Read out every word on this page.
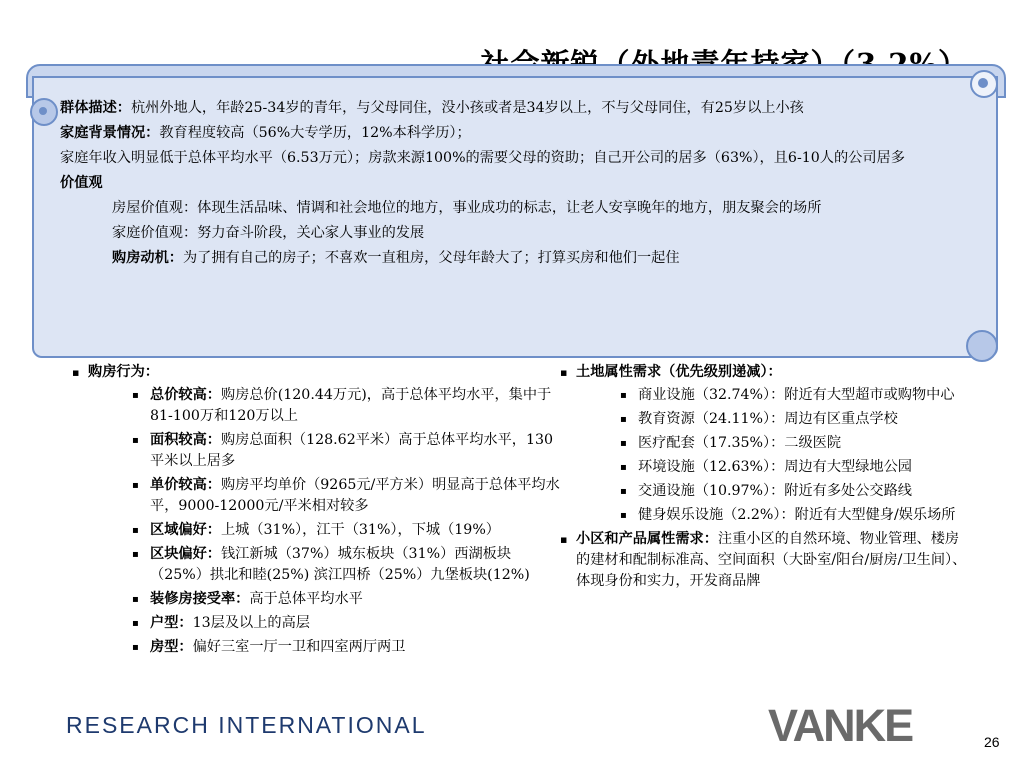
群体描述：杭州外地人，年龄25-34岁的青年，与父母同住，没小孩或者是34岁以上，不与父母同住，有25岁以上小孩

家庭背景情况：教育程度较高（56%大专学历，12%本科学历）；

家庭年收入明显低于总体平均水平（6.53万元）；房款来源100%的需要父母的资助；自己开公司的居多（63%），且6-10人的公司居多

价值观

房屋价值观：体现生活品味、情调和社会地位的地方，事业成功的标志，让老人安享晚年的地方，朋友聚会的场所

家庭价值观：努力奋斗阶段，关心家人事业的发展

购房动机：为了拥有自己的房子；不喜欢一直租房，父母年龄大了；打算买房和他们一起住

▪ 购房行为：
▪ 总价较高：购房总价(120.44万元)，高于总体平均水平，集中于81-100万和120万以上
▪ 面积较高：购房总面积（128.62平米）高于总体平均水平，130平米以上居多
▪ 单价较高：购房平均单价（9265元/平方米）明显高于总体平均水平，9000-12000元/平米相对较多
▪ 区域偏好：上城（31%），江干（31%），下城（19%）
▪ 区块偏好：钱江新城（37%）城东板块（31%）西湖板块（25%）拱北和睦(25%) 滨江四桥（25%）九堡板块(12%)
▪ 装修房接受率：高于总体平均水平
▪ 户型：13层及以上的高层
▪ 房型：偏好三室一厅一卫和四室两厅两卫
▪ 土地属性需求（优先级别递减）：
▪ 商业设施（32.74%）：附近有大型超市或购物中心
▪ 教育资源（24.11%）：周边有区重点学校
▪ 医疗配套（17.35%）：二级医院
▪ 环境设施（12.63%）：周边有大型绿地公园
▪ 交通设施（10.97%）：附近有多处公交路线
▪ 健身娱乐设施（2.2%）：附近有大型健身/娱乐场所
▪ 小区和产品属性需求：注重小区的自然环境、物业管理、楼房的建材和配制标准高、空间面积（大卧室/阳台/厨房/卫生间）、体现身份和实力，开发商品牌
RESEARCH INTERNATIONAL	VANKE	26
